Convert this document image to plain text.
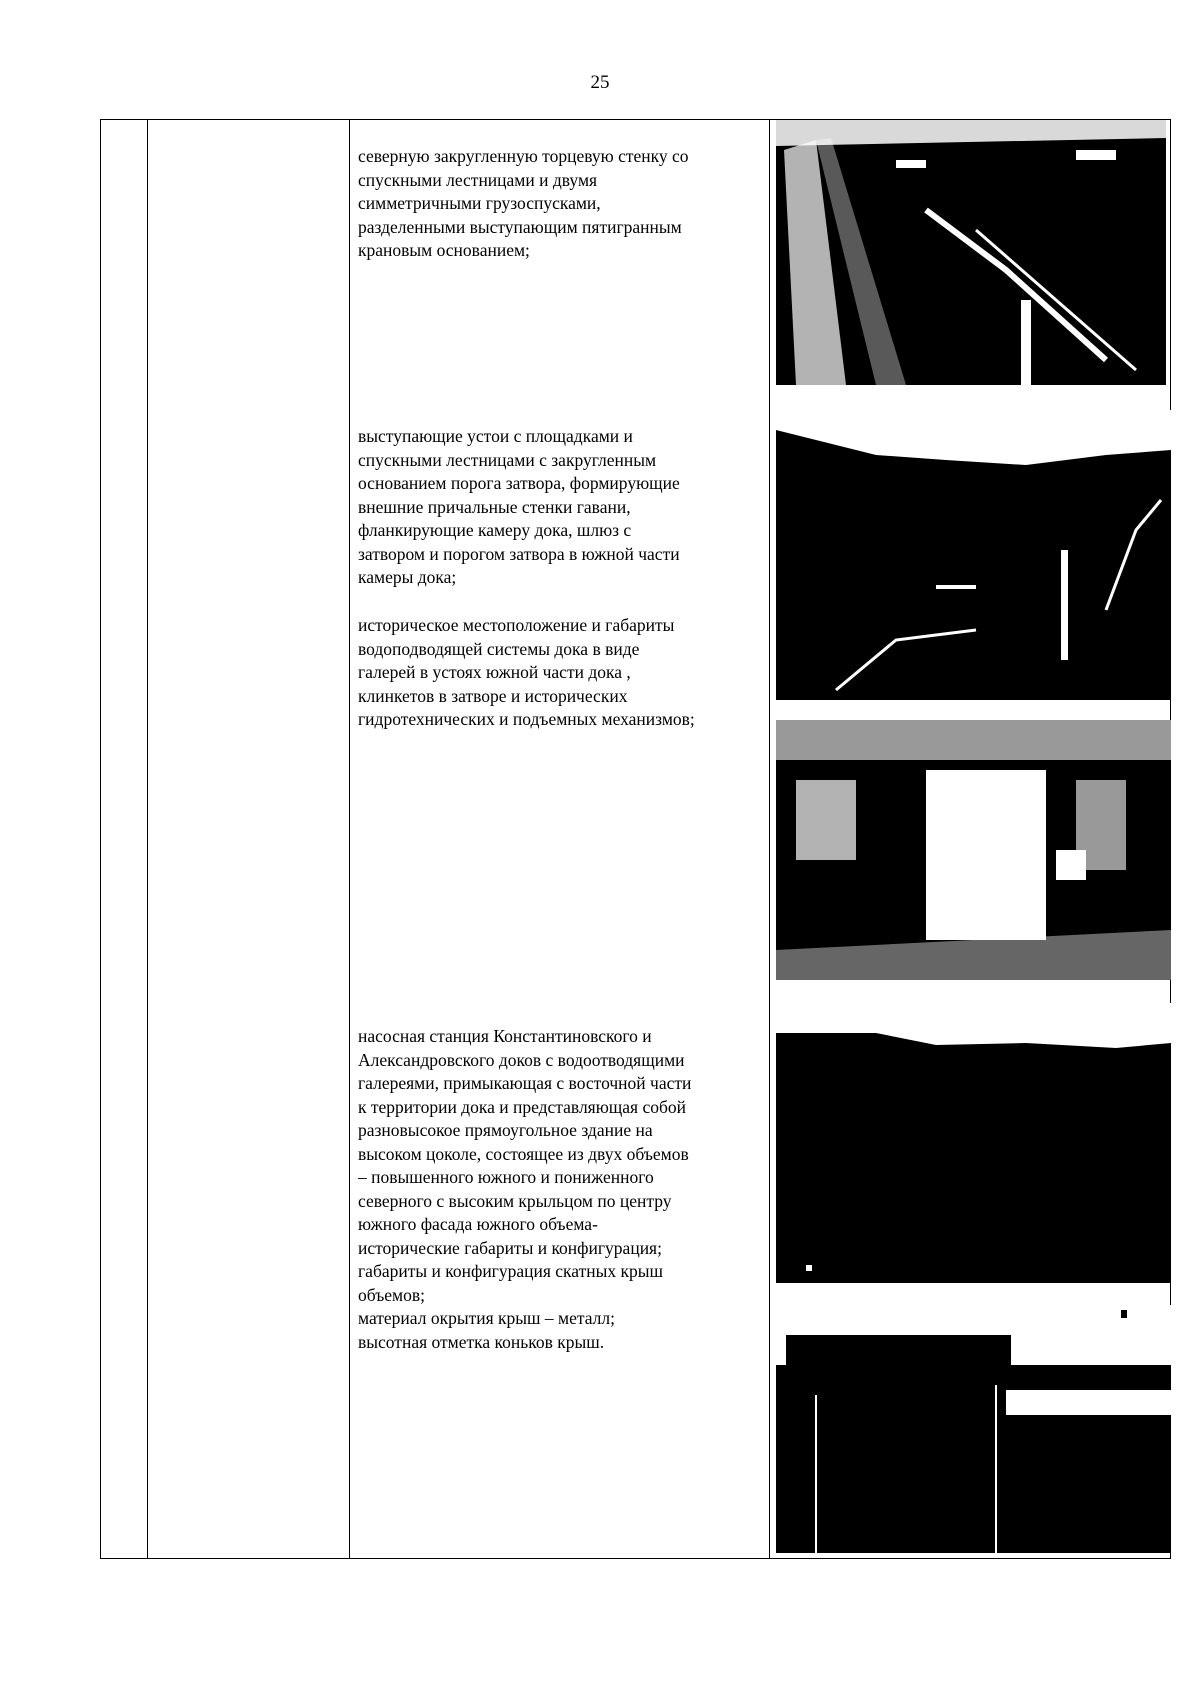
25
северную закругленную торцевую стенку со
спускными лестницами и двумя
симметричными грузоспусками,
разделенными выступающим пятигранным
крановым основанием;
выступающие устои с площадками и
спускными лестницами с закругленным
основанием порога затвора, формирующие
внешние причальные стенки гавани,
фланкирующие камеру дока, шлюз с
затвором и порогом затвора в южной части
камеры дока;
историческое местоположение и габариты
водоподводящей системы дока в виде
галерей в устоях южной части дока ,
клинкетов в затворе и исторических
гидротехнических и подъемных механизмов;
насосная станция Константиновского и
Александровского доков с водоотводящими
галереями, примыкающая с восточной части
к территории дока и представляющая собой
разновысокое прямоугольное здание на
высоком цоколе, состоящее из двух объемов
– повышенного южного и пониженного
северного с высоким крыльцом по центру
южного фасада южного объема-
исторические габариты и конфигурация;
габариты и конфигурация скатных крыш
объемов;
материал окрытия крыш – металл;
высотная отметка коньков крыш.
